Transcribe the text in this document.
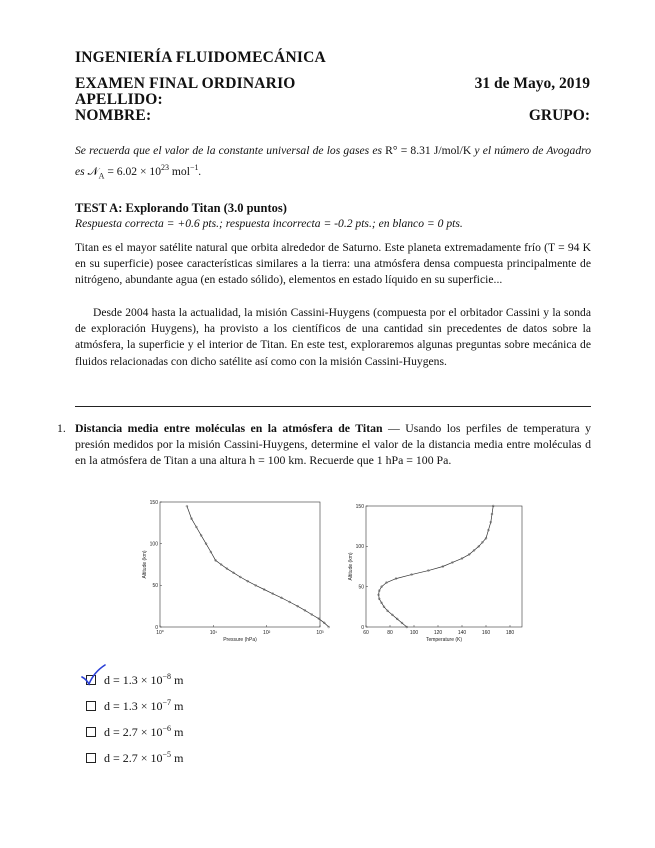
INGENIERÍA FLUIDOMECÁNICA
EXAMEN FINAL ORDINARIO	31 de Mayo, 2019
APELLIDO:
NOMBRE:	GRUPO:
Se recuerda que el valor de la constante universal de los gases es R° = 8.31 J/mol/K y el número de Avogadro es 𝒩$_A$ = $6.02 \times 10^{23}$ mol$^{-1}$.
TEST A: Explorando Titan (3.0 puntos)
Respuesta correcta = +0.6 pts.; respuesta incorrecta = -0.2 pts.; en blanco = 0 pts.
Titan es el mayor satélite natural que orbita alrededor de Saturno. Este planeta extremadamente frío (T = 94 K en su superficie) posee características similares a la tierra: una atmósfera densa compuesta principalmente de nitrógeno, abundante agua (en estado sólido), elementos en estado líquido en su superficie...
Desde 2004 hasta la actualidad, la misión Cassini-Huygens (compuesta por el orbitador Cassini y la sonda de exploración Huygens), ha provisto a los científicos de una cantidad sin precedentes de datos sobre la atmósfera, la superficie y el interior de Titan. En este test, exploraremos algunas preguntas sobre mecánica de fluidos relacionadas con dicho satélite así como con la misión Cassini-Huygens.
1. Distancia media entre moléculas en la atmósfera de Titan — Usando los perfiles de temperatura y presión medidos por la misión Cassini-Huygens, determine el valor de la distancia media entre moléculas d en la atmósfera de Titan a una altura h = 100 km. Recuerde que 1 hPa = 100 Pa.
0
50
100
150
10⁰	10¹	10²	10³
Pressure (hPa)
Altitude (km)
0
50
100
150
60	80	100	120	140	160	180
Temperature (K)
Altitude (km)
$d = 1.3 \times 10^{-8}$ m
$d = 1.3 \times 10^{-7}$ m
$d = 2.7 \times 10^{-6}$ m
$d = 2.7 \times 10^{-5}$ m
